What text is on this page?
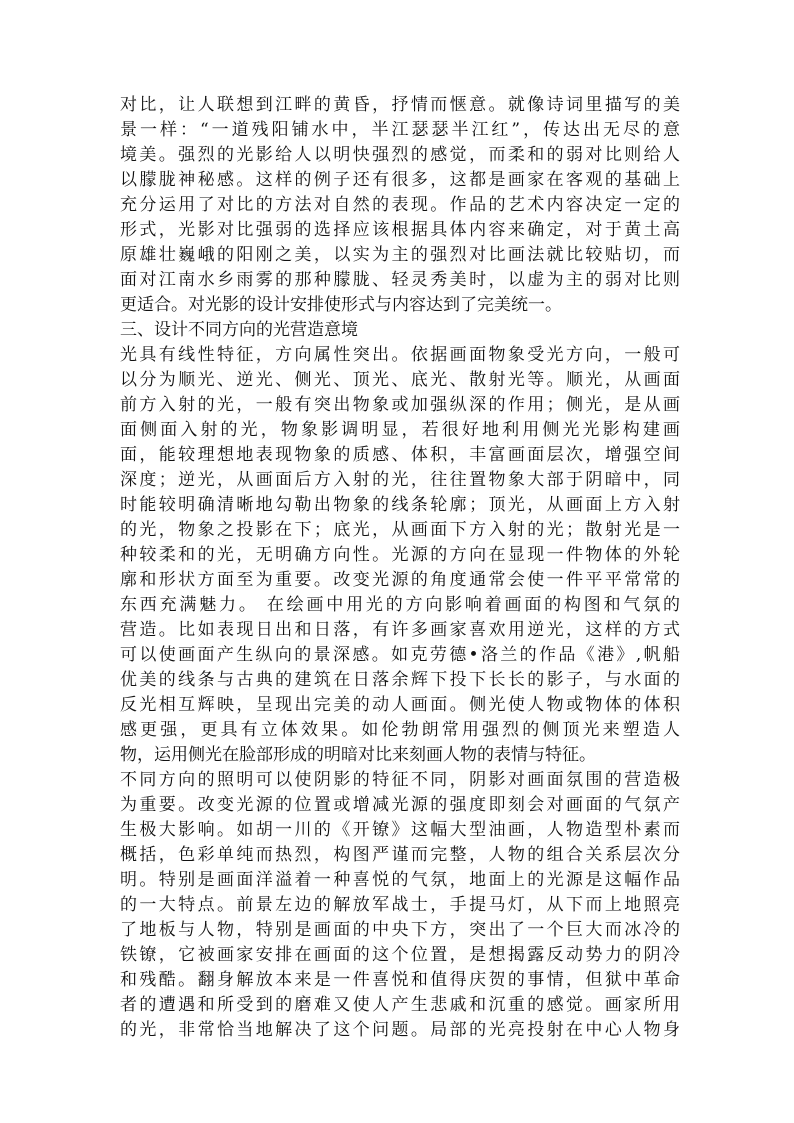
对比，让人联想到江畔的黄昏，抒情而惬意。就像诗词里描写的美
景一样：“一道残阳铺水中，半江瑟瑟半江红”，传达出无尽的意
境美。强烈的光影给人以明快强烈的感觉，而柔和的弱对比则给人
以朦胧神秘感。这样的例子还有很多，这都是画家在客观的基础上
充分运用了对比的方法对自然的表现。作品的艺术内容决定一定的
形式，光影对比强弱的选择应该根据具体内容来确定，对于黄土高
原雄壮巍峨的阳刚之美，以实为主的强烈对比画法就比较贴切，而
面对江南水乡雨雾的那种朦胧、轻灵秀美时，以虚为主的弱对比则
更适合。对光影的设计安排使形式与内容达到了完美统一。
三、设计不同方向的光营造意境
光具有线性特征，方向属性突出。依据画面物象受光方向，一般可
以分为顺光、逆光、侧光、顶光、底光、散射光等。顺光，从画面
前方入射的光，一般有突出物象或加强纵深的作用；侧光，是从画
面侧面入射的光，物象影调明显，若很好地利用侧光光影构建画
面，能较理想地表现物象的质感、体积，丰富画面层次，增强空间
深度；逆光，从画面后方入射的光，往往置物象大部于阴暗中，同
时能较明确清晰地勾勒出物象的线条轮廓；顶光，从画面上方入射
的光，物象之投影在下；底光，从画面下方入射的光；散射光是一
种较柔和的光，无明确方向性。光源的方向在显现一件物体的外轮
廓和形状方面至为重要。改变光源的角度通常会使一件平平常常的
东西充满魅力。 在绘画中用光的方向影响着画面的构图和气氛的
营造。比如表现日出和日落，有许多画家喜欢用逆光，这样的方式
可以使画面产生纵向的景深感。如克劳德•洛兰的作品《港》,帆船
优美的线条与古典的建筑在日落余辉下投下长长的影子，与水面的
反光相互辉映，呈现出完美的动人画面。侧光使人物或物体的体积
感更强，更具有立体效果。如伦勃朗常用强烈的侧顶光来塑造人
物，运用侧光在脸部形成的明暗对比来刻画人物的表情与特征。
不同方向的照明可以使阴影的特征不同，阴影对画面氛围的营造极
为重要。改变光源的位置或增减光源的强度即刻会对画面的气氛产
生极大影响。如胡一川的《开镣》这幅大型油画，人物造型朴素而
概括，色彩单纯而热烈，构图严谨而完整，人物的组合关系层次分
明。特别是画面洋溢着一种喜悦的气氛，地面上的光源是这幅作品
的一大特点。前景左边的解放军战士，手提马灯，从下而上地照亮
了地板与人物，特别是画面的中央下方，突出了一个巨大而冰冷的
铁镣，它被画家安排在画面的这个位置，是想揭露反动势力的阴冷
和残酷。翻身解放本来是一件喜悦和值得庆贺的事情，但狱中革命
者的遭遇和所受到的磨难又使人产生悲戚和沉重的感觉。画家所用
的光，非常恰当地解决了这个问题。局部的光亮投射在中心人物身
